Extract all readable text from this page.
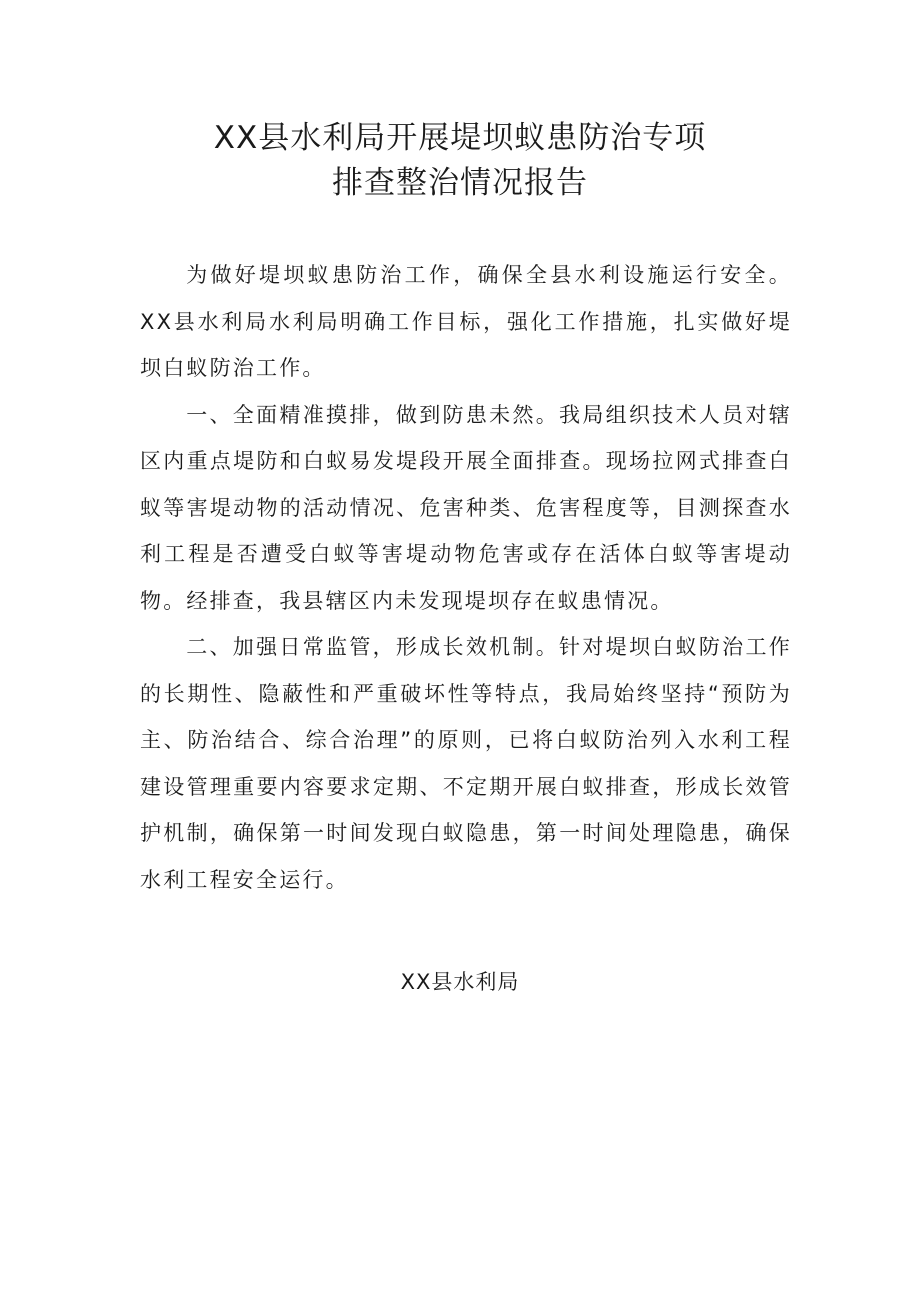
XX县水利局开展堤坝蚁患防治专项
排查整治情况报告

为做好堤坝蚁患防治工作，确保全县水利设施运行安全。XX县水利局水利局明确工作目标，强化工作措施，扎实做好堤坝白蚁防治工作。

一、全面精准摸排，做到防患未然。我局组织技术人员对辖区内重点堤防和白蚁易发堤段开展全面排查。现场拉网式排查白蚁等害堤动物的活动情况、危害种类、危害程度等，目测探查水利工程是否遭受白蚁等害堤动物危害或存在活体白蚁等害堤动物。经排查，我县辖区内未发现堤坝存在蚁患情况。

二、加强日常监管，形成长效机制。针对堤坝白蚁防治工作的长期性、隐蔽性和严重破坏性等特点，我局始终坚持“预防为主、防治结合、综合治理”的原则，已将白蚁防治列入水利工程建设管理重要内容要求定期、不定期开展白蚁排查，形成长效管护机制，确保第一时间发现白蚁隐患，第一时间处理隐患，确保水利工程安全运行。

XX县水利局
